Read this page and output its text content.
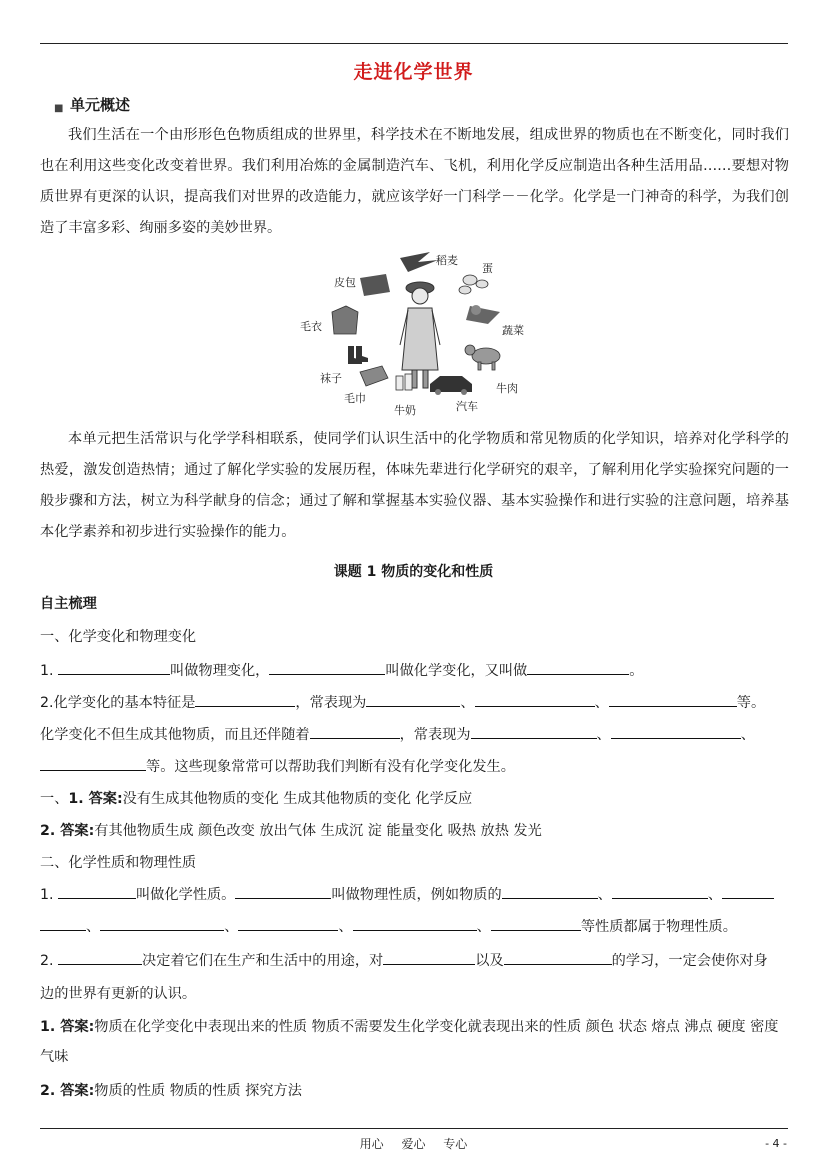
走进化学世界
■ 单元概述

我们生活在一个由形形色色物质组成的世界里，科学技术在不断地发展，组成世界的物质也在不断变化，同时我们也在利用这些变化改变着世界。我们利用冶炼的金属制造汽车、飞机，利用化学反应制造出各种生活用品……要想对物质世界有更深的认识，提高我们对世界的改造能力，就应该学好一门科学－－化学。化学是一门神奇的科学，为我们创造了丰富多彩、绚丽多姿的美妙世界。

稻麦
蛋
皮包
毛衣	蔬菜
袜子
牛肉
毛巾
汽车
牛奶

本单元把生活常识与化学学科相联系，使同学们认识生活中的化学物质和常见物质的化学知识，培养对化学科学的热爱，激发创造热情；通过了解化学实验的发展历程，体味先辈进行化学研究的艰辛，了解利用化学实验探究问题的一般步骤和方法，树立为科学献身的信念；通过了解和掌握基本实验仪器、基本实验操作和进行实验的注意问题，培养基本化学素养和初步进行实验操作的能力。

课题 1 物质的变化和性质
自主梳理
一、化学变化和物理变化
1.	叫做物理变化，	叫做化学变化，又叫做	。
2.化学变化的基本特征是	，常表现为	、	、	等。
化学变化不但生成其他物质，而且还伴随着	，常表现为	、	、
等。这些现象常常可以帮助我们判断有没有化学变化发生。
一、1. 答案:没有生成其他物质的变化 生成其他物质的变化 化学反应
2. 答案:有其他物质生成 颜色改变 放出气体 生成沉 淀 能量变化 吸热 放热 发光
二、化学性质和物理性质
1.	叫做化学性质。	叫做物理性质，例如物质的	、	、
、	、	、	、	等性质都属于物理性质。
2.	决定着它们在生产和生活中的用途，对	以及	的学习，一定会使你对身
边的世界有更新的认识。
1. 答案:物质在化学变化中表现出来的性质 物质不需要发生化学变化就表现出来的性质 颜色 状态 熔点 沸点 硬度 密度
气味
2. 答案:物质的性质 物质的性质 探究方法
用心 爱心 专心	- 4 -
